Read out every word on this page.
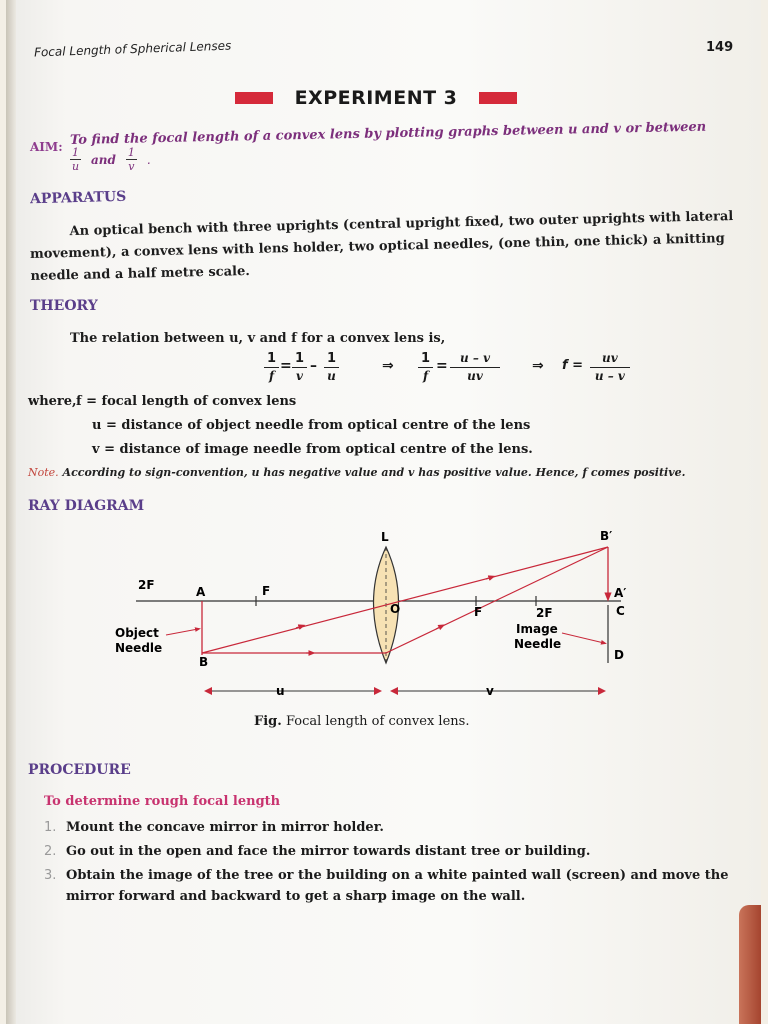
Focal Length of Spherical Lenses	149
EXPERIMENT 3
AIM: To find the focal length of a convex lens by plotting graphs between u and v or between
$\frac{1}{u}$ and $\frac{1}{v}$ .
APPARATUS
An optical bench with three uprights (central upright fixed, two outer uprights with lateral movement), a convex lens with lens holder, two optical needles, (one thin, one thick) a knitting needle and a half metre scale.
THEORY
The relation between u, v and f for a convex lens is,
$\frac{1}{f} = \frac{1}{v} - \frac{1}{u}$	⇒ $\frac{1}{f} = \frac{u - v}{uv}$ ⇒ $f = \frac{uv}{u - v}$
where, f = focal length of convex lens
u = distance of object needle from optical centre of the lens
v = distance of image needle from optical centre of the lens.
Note. According to sign-convention, u has negative value and v has positive value. Hence, f comes positive.
RAY DIAGRAM
L	B′
2F	A	F
O	F	2F
A′
C
Object
Needle
B
Image
Needle
D
u	v
Fig. Focal length of convex lens.
PROCEDURE
To determine rough focal length
1. Mount the concave mirror in mirror holder.
2. Go out in the open and face the mirror towards distant tree or building.
3. Obtain the image of the tree or the building on a white painted wall (screen) and move the mirror forward and backward to get a sharp image on the wall.
